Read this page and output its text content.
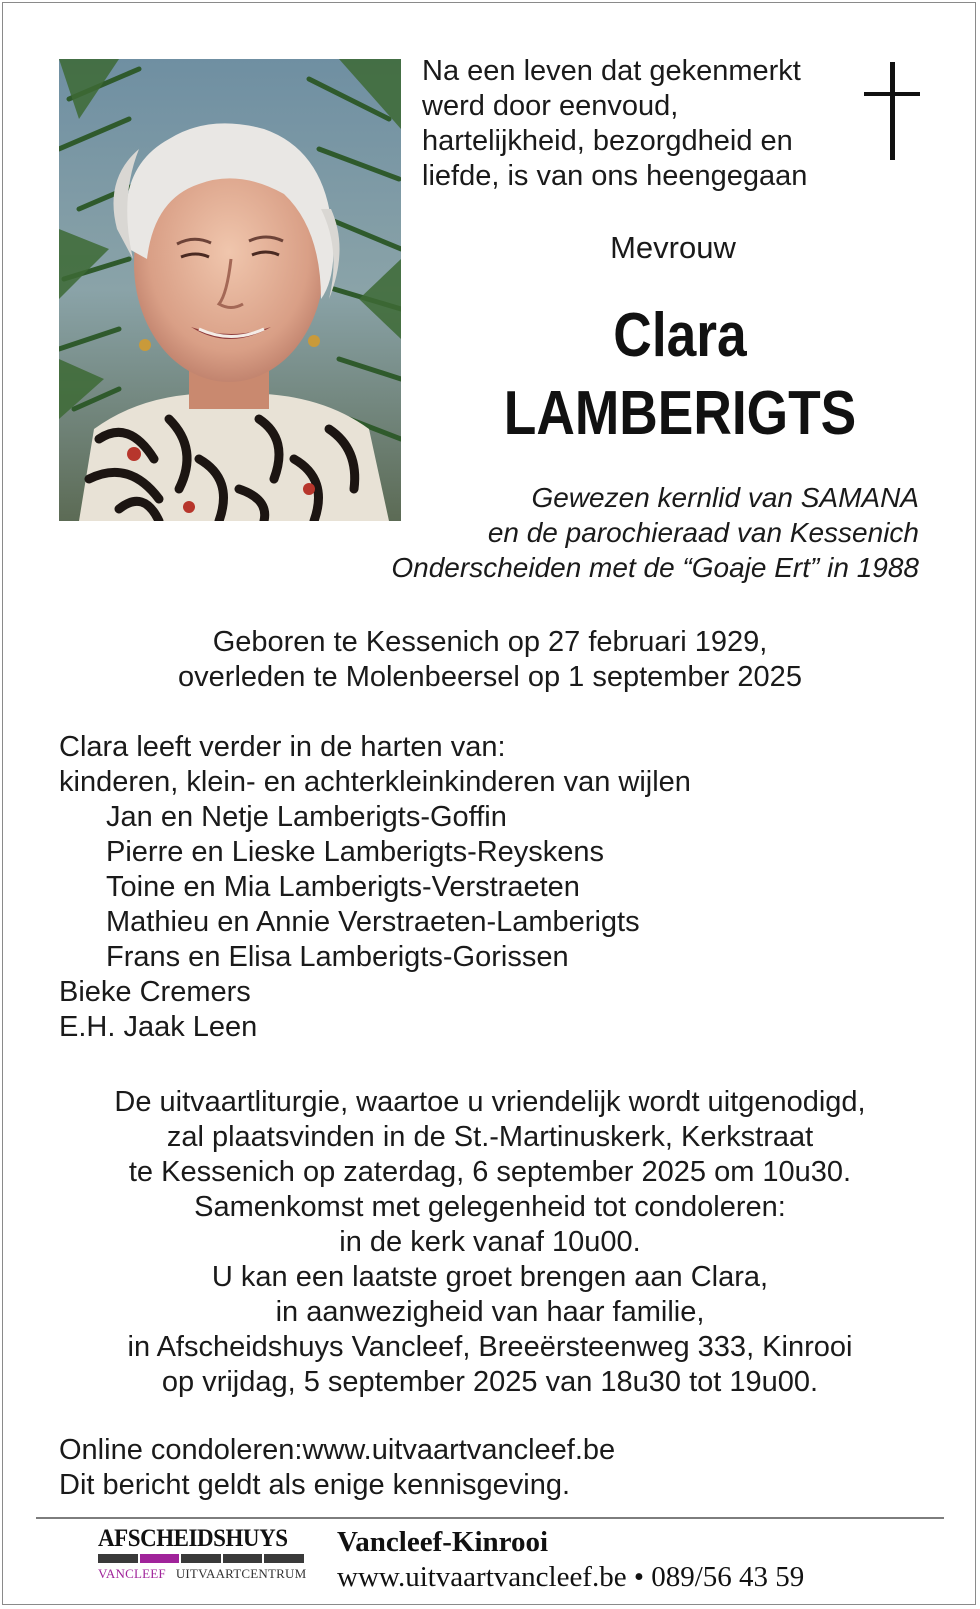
Na een leven dat gekenmerkt
werd door eenvoud,
hartelijkheid, bezorgdheid en
liefde, is van ons heengegaan
Mevrouw
Clara
LAMBERIGTS
Gewezen kernlid van SAMANA
en de parochieraad van Kessenich
Onderscheiden met de “Goaje Ert” in 1988
Geboren te Kessenich op 27 februari 1929,
overleden te Molenbeersel op 1 september 2025
Clara leeft verder in de harten van:
kinderen, klein- en achterkleinkinderen van wijlen
Jan en Netje Lamberigts-Goffin
Pierre en Lieske Lamberigts-Reyskens
Toine en Mia Lamberigts-Verstraeten
Mathieu en Annie Verstraeten-Lamberigts
Frans en Elisa Lamberigts-Gorissen
Bieke Cremers
E.H. Jaak Leen
De uitvaartliturgie, waartoe u vriendelijk wordt uitgenodigd,
zal plaatsvinden in de St.-Martinuskerk, Kerkstraat
te Kessenich op zaterdag, 6 september 2025 om 10u30.
Samenkomst met gelegenheid tot condoleren:
in de kerk vanaf 10u00.
U kan een laatste groet brengen aan Clara,
in aanwezigheid van haar familie,
in Afscheidshuys Vancleef, Breeërsteenweg 333, Kinrooi
op vrijdag, 5 september 2025 van 18u30 tot 19u00.
Online condoleren:www.uitvaartvancleef.be
Dit bericht geldt als enige kennisgeving.
AFSCHEIDSHUYS
VANCLEEF UITVAARTCENTRUM
Vancleef-Kinrooi
www.uitvaartvancleef.be • 089/56 43 59
